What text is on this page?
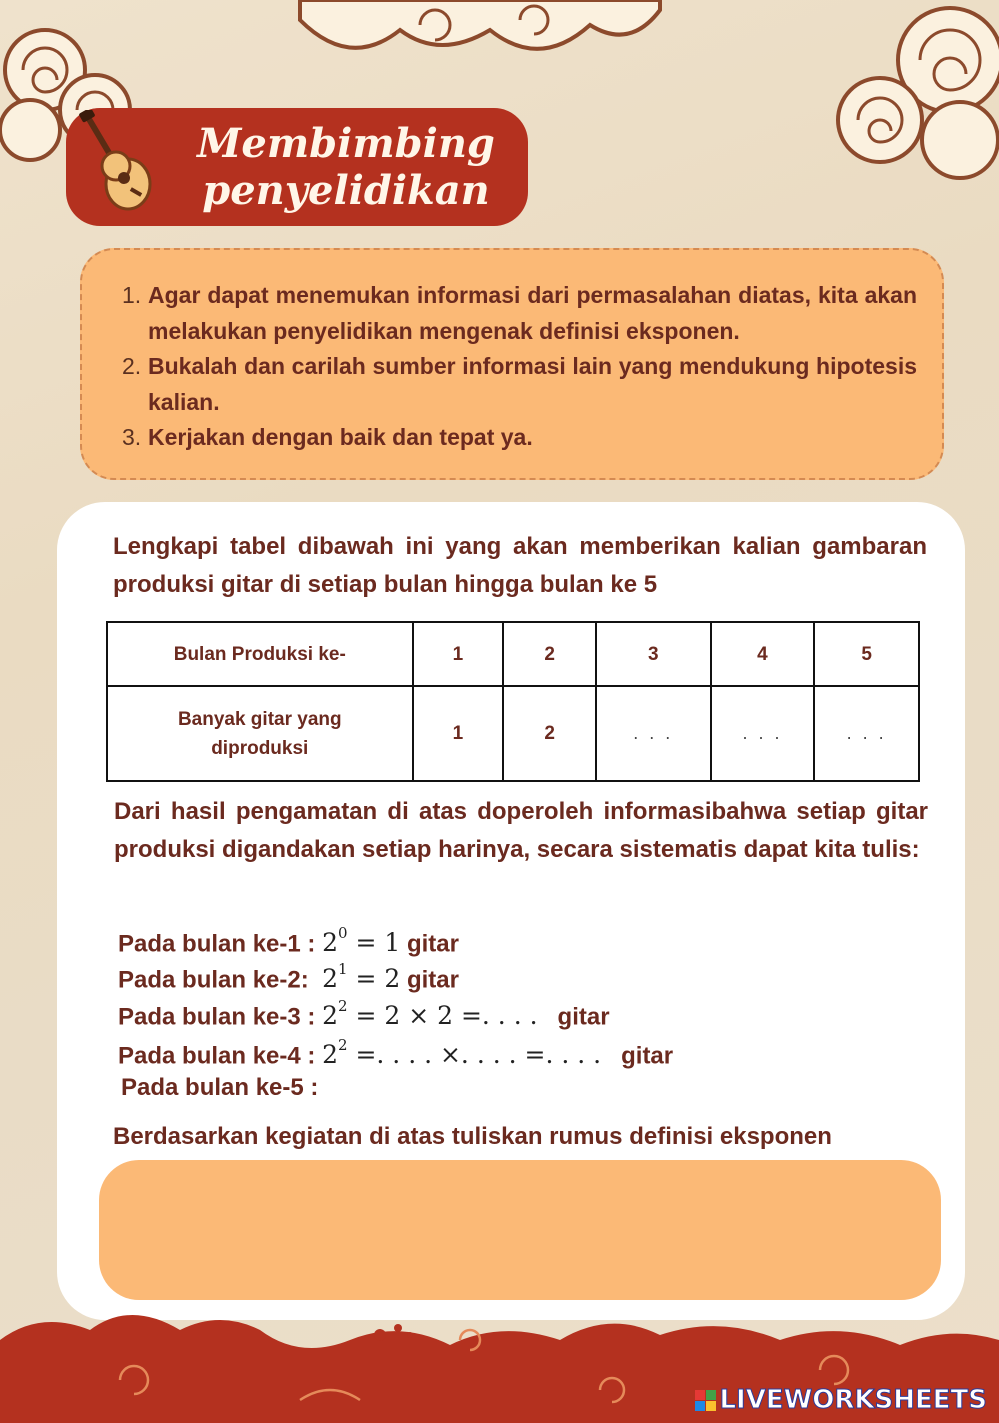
Membimbing
penyelidikan
1. Agar dapat menemukan informasi dari permasalahan diatas, kita akan melakukan penyelidikan mengenak definisi eksponen.
2. Bukalah dan carilah sumber informasi lain yang mendukung hipotesis kalian.
3. Kerjakan dengan baik dan tepat ya.
Lengkapi tabel dibawah ini yang akan memberikan kalian gambaran produksi gitar di setiap bulan hingga bulan ke 5
Bulan Produksi ke-	1	2	3	4	5
Banyak gitar yang diproduksi	1	2	. . .	. . .	. . .
Dari hasil pengamatan di atas doperoleh informasibahwa setiap gitar produksi digandakan setiap harinya, secara sistematis dapat kita tulis:
Pada bulan ke-1 : $2^0 = 1$ gitar
Pada bulan ke-2: $2^1 = 2$ gitar
Pada bulan ke-3 : $2^2 = 2 \times 2$ =. . . . gitar
Pada bulan ke-4 : $2^2$ =. . . . ×. . . . =. . . . gitar
Pada bulan ke-5 :
Berdasarkan kegiatan di atas tuliskan rumus definisi eksponen
LIVEWORKSHEETS
